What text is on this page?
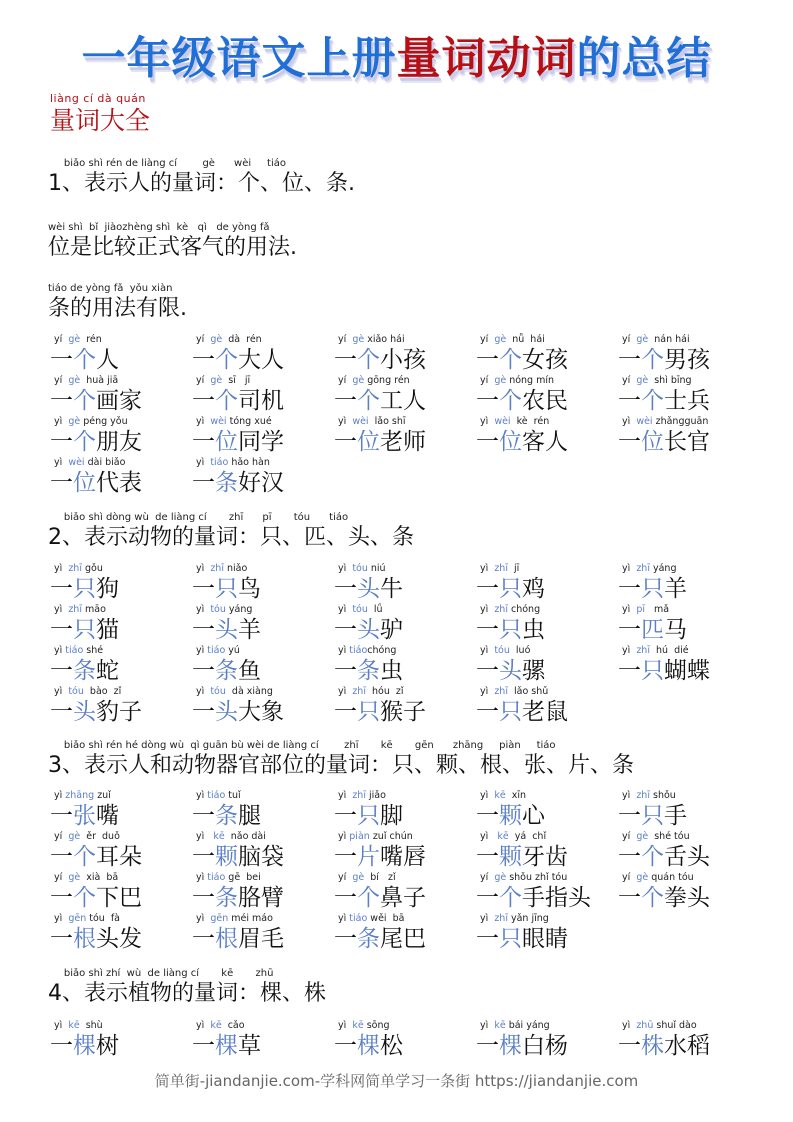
一年级语文上册量词动词的总结
liàng cí dà quán
量词大全
biǎo shì rén de liàng cí        gè      wèi     tiáo
1、表示人的量词：个、位、条.
wèi shì  bǐ  jiàozhèng shì  kè   qì   de yòng fǎ
位是比较正式客气的用法.
tiáo de yòng fǎ  yǒu xiàn
条的用法有限.
yí  gè  rén
一个人
yí  gè  dà  rén
一个大人
yí  gè xiǎo hái
一个小孩
yí  gè  nǚ  hái
一个女孩
yí  gè  nán hái
一个男孩
yí  gè  huà jiā
一个画家
yí  gè  sī   jī
一个司机
yí  gè gōng rén
一个工人
yí  gè nóng mín
一个农民
yí  gè  shì bīng
一个士兵
yì  gè péng yǒu
一个朋友
yì  wèi tóng xué
一位同学
yì  wèi  lǎo shī
一位老师
yì  wèi  kè  rén
一位客人
yì  wèi zhǎngguān
一位长官
yì  wèi dài biǎo
一位代表
yì  tiáo hǎo hàn
一条好汉
biǎo shì dòng wù  de liàng cí       zhī      pī       tóu      tiáo
2、表示动物的量词：只、匹、头、条
yì  zhī gǒu
一只狗
yì  zhī niǎo
一只鸟
yì  tóu niú
一头牛
yì  zhī  jī
一只鸡
yì  zhī yáng
一只羊
yì  zhī māo
一只猫
yì  tóu yáng
一头羊
yì  tóu  lǘ
一头驴
yì  zhī chóng
一只虫
yì  pī   mǎ
一匹马
yì tiáo shé
一条蛇
yì tiáo yú
一条鱼
yì tiáochóng
一条虫
yì  tóu  luó
一头骡
yì  zhī  hú  dié
一只蝴蝶
yì  tóu  bào  zǐ
一头豹子
yì  tóu  dà xiàng
一头大象
yì  zhī  hóu  zǐ
一只猴子
yì  zhī  lǎo shǔ
一只老鼠
biǎo shì rén hé dòng wù  qì guān bù wèi de liàng cí        zhī       kē       gēn      zhāng     piàn     tiáo
3、表示人和动物器官部位的量词：只、颗、根、张、片、条
yì zhāng zuǐ
一张嘴
yì tiáo tuǐ
一条腿
yì  zhī jiǎo
一只脚
yì  kē  xīn
一颗心
yì  zhī shǒu
一只手
yí  gè  ěr  duǒ
一个耳朵
yì   kē  nǎo dài
一颗脑袋
yì piàn zuǐ chún
一片嘴唇
yì   kē  yá  chǐ
一颗牙齿
yí  gè  shé tóu
一个舌头
yí  gè  xià  bā
一个下巴
yì tiáo gē  bei
一条胳臂
yí  gè  bí   zǐ
一个鼻子
yí  gè shǒu zhǐ tóu
一个手指头
yí  gè quán tóu
一个拳头
yì  gēn tóu  fà
一根头发
yì  gēn méi máo
一根眉毛
yì tiáo wěi  bā
一条尾巴
yì  zhī yǎn jīng
一只眼睛
biǎo shì zhí  wù  de liàng cí       kē       zhū
4、表示植物的量词：棵、株
yì  kē  shù
一棵树
yì  kē  cǎo
一棵草
yì  kē sōng
一棵松
yì  kē bái yáng
一棵白杨
yì  zhū shuǐ dào
一株水稻
简单街-jiandanjie.com-学科网简单学习一条街 https://jiandanjie.com
